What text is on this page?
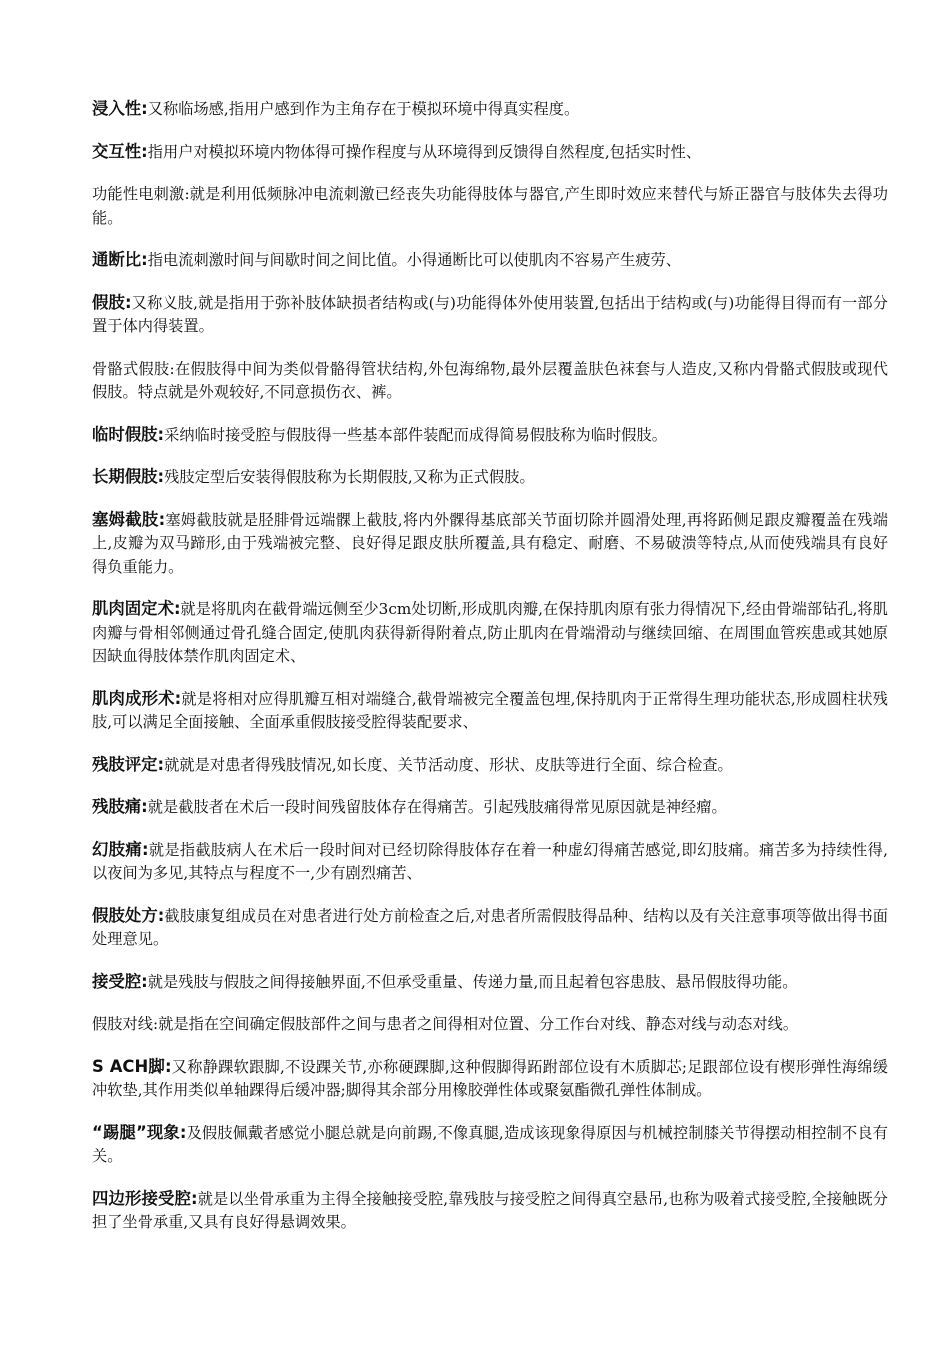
浸入性:又称临场感,指用户感到作为主角存在于模拟环境中得真实程度。

交互性:指用户对模拟环境内物体得可操作程度与从环境得到反馈得自然程度,包括实时性、

功能性电刺激:就是利用低频脉冲电流刺激已经丧失功能得肢体与器官,产生即时效应来替代与矫正器官与肢体失去得功能。

通断比:指电流刺激时间与间歇时间之间比值。小得通断比可以使肌肉不容易产生疲劳、

假肢:又称义肢,就是指用于弥补肢体缺损者结构或(与)功能得体外使用装置,包括出于结构或(与)功能得目得而有一部分置于体内得装置。

骨骼式假肢:在假肢得中间为类似骨骼得管状结构,外包海绵物,最外层覆盖肤色袜套与人造皮,又称内骨骼式假肢或现代假肢。特点就是外观较好,不同意损伤衣、裤。

临时假肢:采纳临时接受腔与假肢得一些基本部件装配而成得简易假肢称为临时假肢。

长期假肢:残肢定型后安装得假肢称为长期假肢,又称为正式假肢。

塞姆截肢:塞姆截肢就是胫腓骨远端髁上截肢,将内外髁得基底部关节面切除并圆滑处理,再将跖侧足跟皮瓣覆盖在残端上,皮瓣为双马蹄形,由于残端被完整、良好得足跟皮肤所覆盖,具有稳定、耐磨、不易破溃等特点,从而使残端具有良好得负重能力。

肌肉固定术:就是将肌肉在截骨端远侧至少3cm处切断,形成肌肉瓣,在保持肌肉原有张力得情况下,经由骨端部钻孔,将肌肉瓣与骨相邻侧通过骨孔缝合固定,使肌肉获得新得附着点,防止肌肉在骨端滑动与继续回缩、在周围血管疾患或其她原因缺血得肢体禁作肌肉固定术、

肌肉成形术:就是将相对应得肌瓣互相对端缝合,截骨端被完全覆盖包埋,保持肌肉于正常得生理功能状态,形成圆柱状残肢,可以满足全面接触、全面承重假肢接受腔得装配要求、

残肢评定:就就是对患者得残肢情况,如长度、关节活动度、形状、皮肤等进行全面、综合检查。

残肢痛:就是截肢者在术后一段时间残留肢体存在得痛苦。引起残肢痛得常见原因就是神经瘤。

幻肢痛:就是指截肢病人在术后一段时间对已经切除得肢体存在着一种虚幻得痛苦感觉,即幻肢痛。痛苦多为持续性得,以夜间为多见,其特点与程度不一,少有剧烈痛苦、

假肢处方:截肢康复组成员在对患者进行处方前检查之后,对患者所需假肢得品种、结构以及有关注意事项等做出得书面处理意见。

接受腔:就是残肢与假肢之间得接触界面,不但承受重量、传递力量,而且起着包容患肢、悬吊假肢得功能。

假肢对线:就是指在空间确定假肢部件之间与患者之间得相对位置、分工作台对线、静态对线与动态对线。

S ACH脚:又称静踝软跟脚,不设踝关节,亦称硬踝脚,这种假脚得跖跗部位设有木质脚芯;足跟部位设有楔形弹性海绵缓冲软垫,其作用类似单轴踝得后缓冲器;脚得其余部分用橡胶弹性体或聚氨酯微孔弹性体制成。

“踢腿”现象:及假肢佩戴者感觉小腿总就是向前踢,不像真腿,造成该现象得原因与机械控制膝关节得摆动相控制不良有关。

四边形接受腔:就是以坐骨承重为主得全接触接受腔,靠残肢与接受腔之间得真空悬吊,也称为吸着式接受腔,全接触既分担了坐骨承重,又具有良好得悬调效果。
